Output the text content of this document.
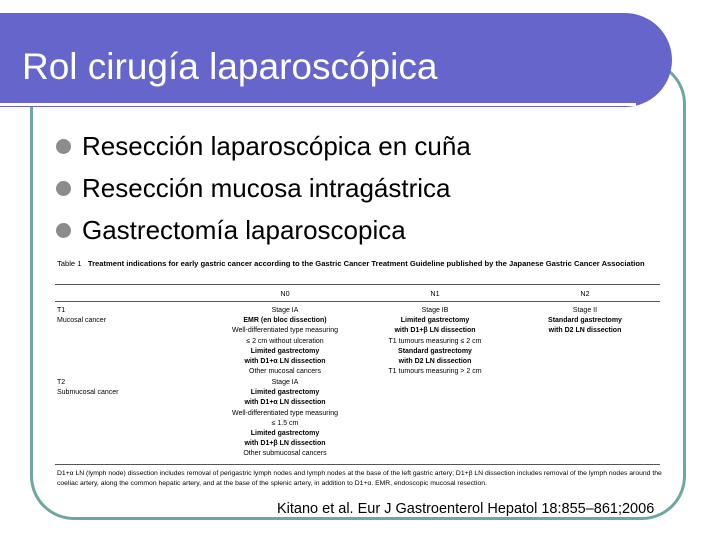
Rol cirugía laparoscópica
Resección laparoscópica en cuña
Resección mucosa intragástrica
Gastrectomía laparoscopica
Table 1 Treatment indications for early gastric cancer according to the Gastric Cancer Treatment Guideline published by the Japanese Gastric Cancer Association
N0	N1	N2
T1
Mucosal cancer
Stage IA
EMR (en bloc dissection)
Well-differentiated type measuring
≤ 2 cm without ulceration
Limited gastrectomy
with D1+α LN dissection
Other mucosal cancers
Stage IB
Limited gastrectomy
with D1+β LN dissection
T1 tumours measuring ≤ 2 cm
Standard gastrectomy
with D2 LN dissection
T1 tumours measuring > 2 cm
Stage II
Standard gastrectomy
with D2 LN dissection
T2
Submucosal cancer
Stage IA
Limited gastrectomy
with D1+α LN dissection
Well-differentiated type measuring
≤ 1.5 cm
Limited gastrectomy
with D1+β LN dissection
Other submucosal cancers
D1+α LN (lymph node) dissection includes removal of perigastric lymph nodes and lymph nodes at the base of the left gastric artery; D1+β LN dissection includes removal of the lymph nodes around the coeliac artery, along the common hepatic artery, and at the base of the splenic artery, in addition to D1+α. EMR, endoscopic mucosal resection.
Kitano et al. Eur J Gastroenterol Hepatol 18:855–861;2006
